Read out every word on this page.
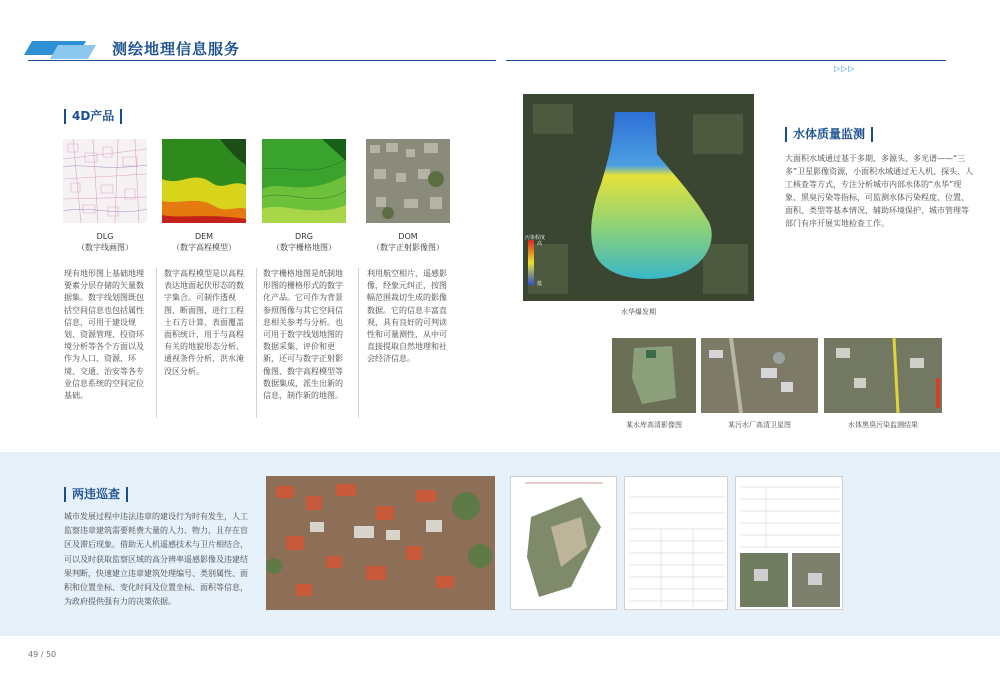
测绘地理信息服务
▷▷▷
4D产品
DLG
（数字线画图）
DEM
（数字高程模型）
DRG
（数字栅格地图）
DOM
（数字正射影像图）
现有地形图上基础地理要素分层存储的矢量数据集。数字线划图既包括空间信息也包括属性信息，可用于建设规划、资源管理、投资环境分析等各个方面以及作为人口、资源、环境、交通、治安等各专业信息系统的空间定位基础。
数字高程模型是以高程表达地面起伏形态的数字集合。可制作透视图、断面图，进行工程土石方计算、表面覆盖面积统计，用于与高程有关的地貌形态分析、通视条件分析、洪水淹没区分析。
数字栅格地图是纸制地形图的栅格形式的数字化产品。它可作为背景参照图像与其它空间信息相关参考与分析。也可用于数字线划地图的数据采集、评价和更新，还可与数字正射影像图、数字高程模型等数据集成，派生出新的信息，制作新的地图。
利用航空相片、遥感影像，经象元纠正，按图幅范围裁切生成的影像数据。它的信息丰富直观，具有良好的可判读性和可量测性，从中可直接提取自然地理和社会经济信息。
污染程度
高
低
水华爆发期
水体质量监测
大面积水域通过基于多期、多源头、多光谱——“三多”卫星影像资源，小面积水域通过无人机、探头、人工核查等方式，专注分析城市内部水体的“水华”现象、黑臭污染等指标，可监测水体污染程度、位置、面积、类型等基本情况，辅助环境保护、城市管理等部门有序开展实地检查工作。
某水库高清影像图	某污水厂高清卫星图	水体黑臭污染监测结果
两违巡查
城市发展过程中违法违章的建设行为时有发生，人工监察违章建筑需要耗费大量的人力、物力，且存在盲区及滞后现象。借助无人机遥感技术与卫片相结合，可以及时获取监察区域的高分辨率遥感影像及违建结果判断，快速建立违章建筑处理编号、类别属性、面积和位置坐标、变化时间及位置坐标、面积等信息，为政府提供强有力的决策依据。
49 / 50
